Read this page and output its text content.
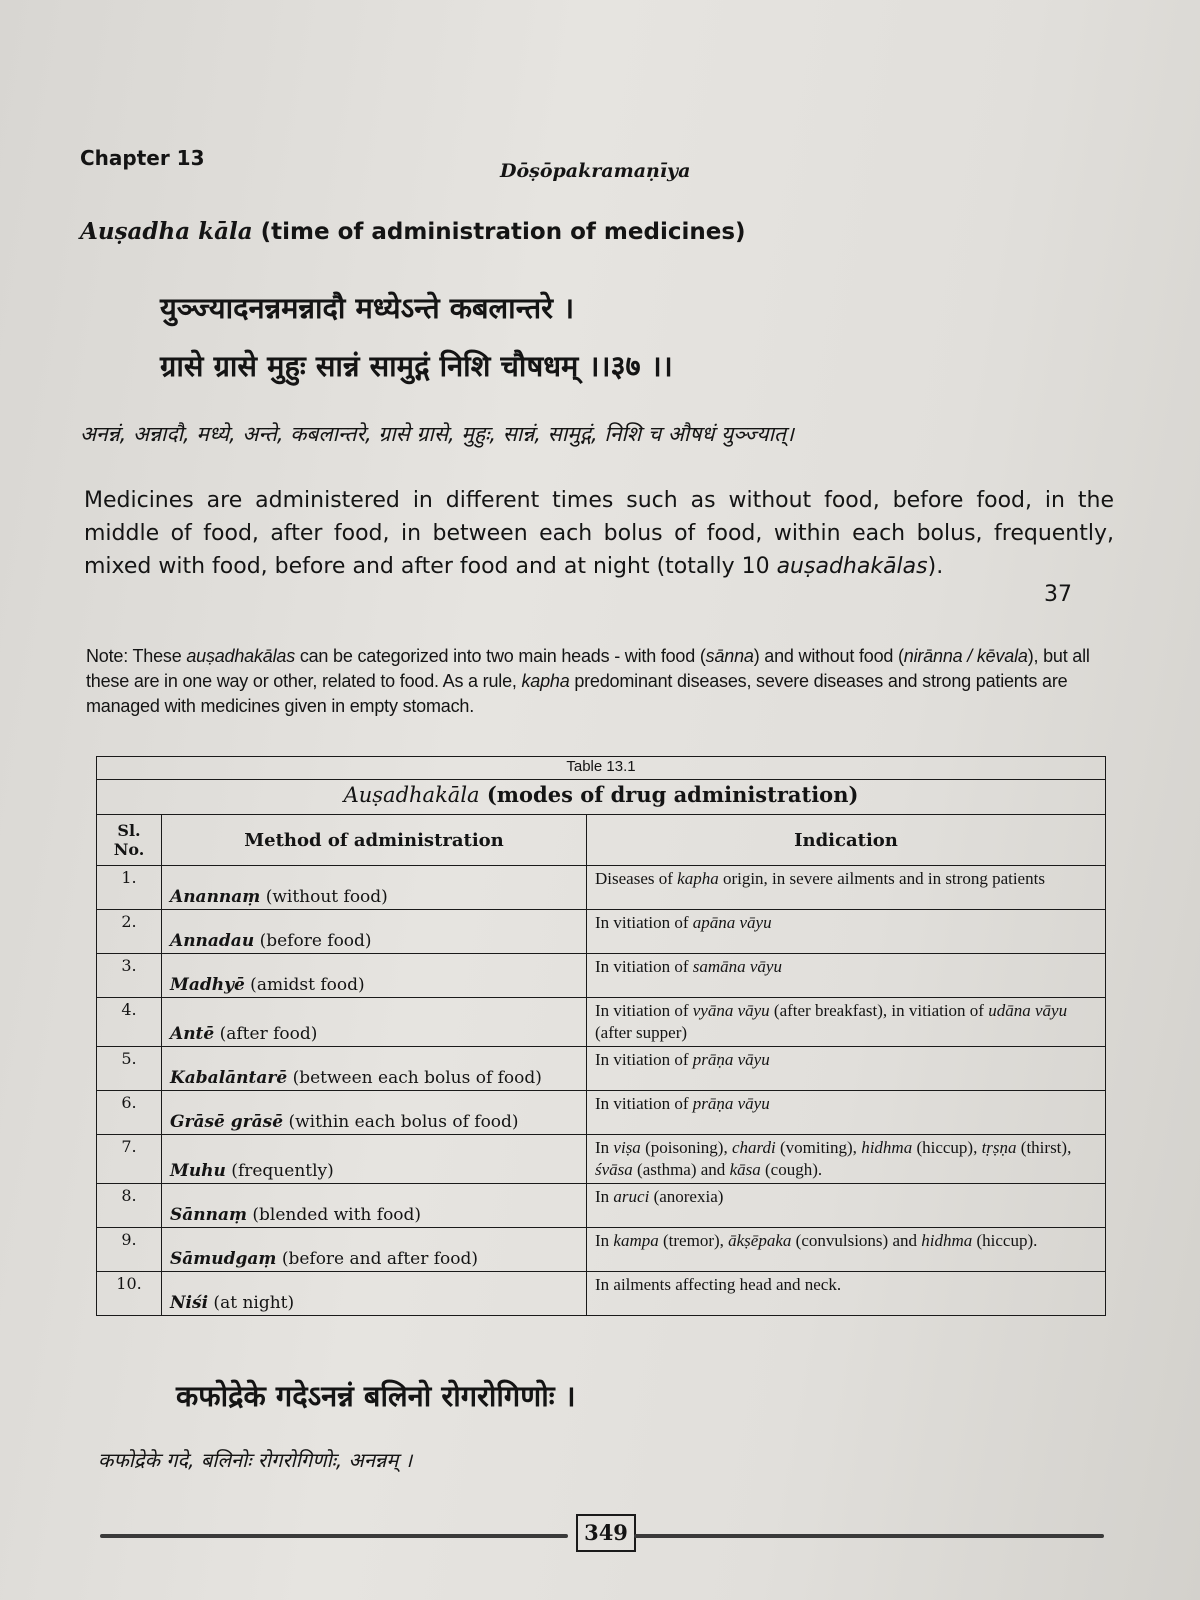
Chapter 13
Dōṣōpakramaṇīya
Auṣadha kāla (time of administration of medicines)
युञ्ज्यादनन्नमन्नादौ मध्येऽन्ते कबलान्तरे ।
ग्रासे ग्रासे मुहुः सान्नं सामुद्गं निशि चौषधम् ।।३७ ।।
अनन्नं, अन्नादौ, मध्ये, अन्ते, कबलान्तरे, ग्रासे ग्रासे, मुहुः, सान्नं, सामुद्गं, निशि च औषधं युञ्ज्यात्।
Medicines are administered in different times such as without food, before food, in the middle of food, after food, in between each bolus of food, within each bolus, frequently, mixed with food, before and after food and at night (totally 10 auṣadhakālas).
37
Note: These auṣadhakālas can be categorized into two main heads - with food (sānna) and without food (nirānna / kēvala), but all these are in one way or other, related to food. As a rule, kapha predominant diseases, severe diseases and strong patients are managed with medicines given in empty stomach.
Table 13.1		
Auṣadhakāla (modes of drug administration)		
Sl. No.	Method of administration	Indication
1.	Anannaṃ (without food)	Diseases of kapha origin, in severe ailments and in strong patients
2.	Annadau (before food)	In vitiation of apāna vāyu
3.	Madhyē (amidst food)	In vitiation of samāna vāyu
4.	Antē (after food)	In vitiation of vyāna vāyu (after breakfast), in vitiation of udāna vāyu (after supper)
5.	Kabalāntarē (between each bolus of food)	In vitiation of prāṇa vāyu
6.	Grāsē grāsē (within each bolus of food)	In vitiation of prāṇa vāyu
7.	Muhu (frequently)	In viṣa (poisoning), chardi (vomiting), hidhma (hiccup), tṛṣṇa (thirst), śvāsa (asthma) and kāsa (cough).
8.	Sānnaṃ (blended with food)	In aruci (anorexia)
9.	Sāmudgaṃ (before and after food)	In kampa (tremor), ākṣēpaka (convulsions) and hidhma (hiccup).
10.	Niśi (at night)	In ailments affecting head and neck.
कफोद्रेके गदेऽनन्नं बलिनो रोगरोगिणोः ।
कफोद्रेके गदे, बलिनोः रोगरोगिणोः, अनन्नम् ।
349
